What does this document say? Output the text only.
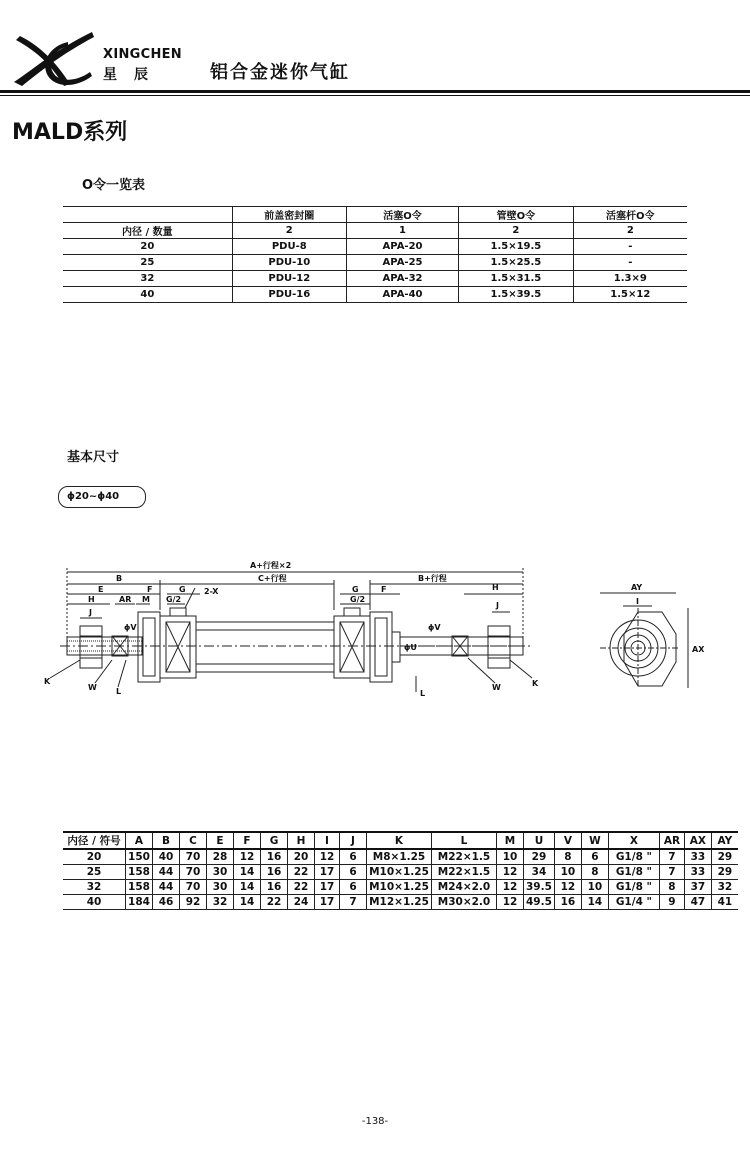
XINGCHEN
星辰	铝合金迷你气缸
MALD系列
O令一览表
	前盖密封圈	活塞O令	管壁O令	活塞杆O令
内径 / 数量	2	1	2	2
20	PDU-8	APA-20	1.5×19.5	-
25	PDU-10	APA-25	1.5×25.5	-
32	PDU-12	APA-32	1.5×31.5	1.3×9
40	PDU-16	APA-40	1.5×39.5	1.5×12
基本尺寸
ϕ20~ϕ40
A+行程×2
B	C+行程	B+行程
E	F	G 2-X
H	AR M G/2
J
G	F
G/2
H
J
ϕV	ϕV
ϕU
K
W L	L
W	K
AY
I
AX
内径 / 符号	A	B	C	E	F	G	H	I	J	K	L	M	U	V	W	X	AR	AX	AY
20	150	40	70	28	12	16	20	12	6	M8×1.25	M22×1.5	10	29	8	6	G1/8 "	7	33	29
25	158	44	70	30	14	16	22	17	6	M10×1.25	M22×1.5	12	34	10	8	G1/8 "	7	33	29
32	158	44	70	30	14	16	22	17	6	M10×1.25	M24×2.0	12	39.5	12	10	G1/8 "	8	37	32
40	184	46	92	32	14	22	24	17	7	M12×1.25	M30×2.0	12	49.5	16	14	G1/4 "	9	47	41
-138-
